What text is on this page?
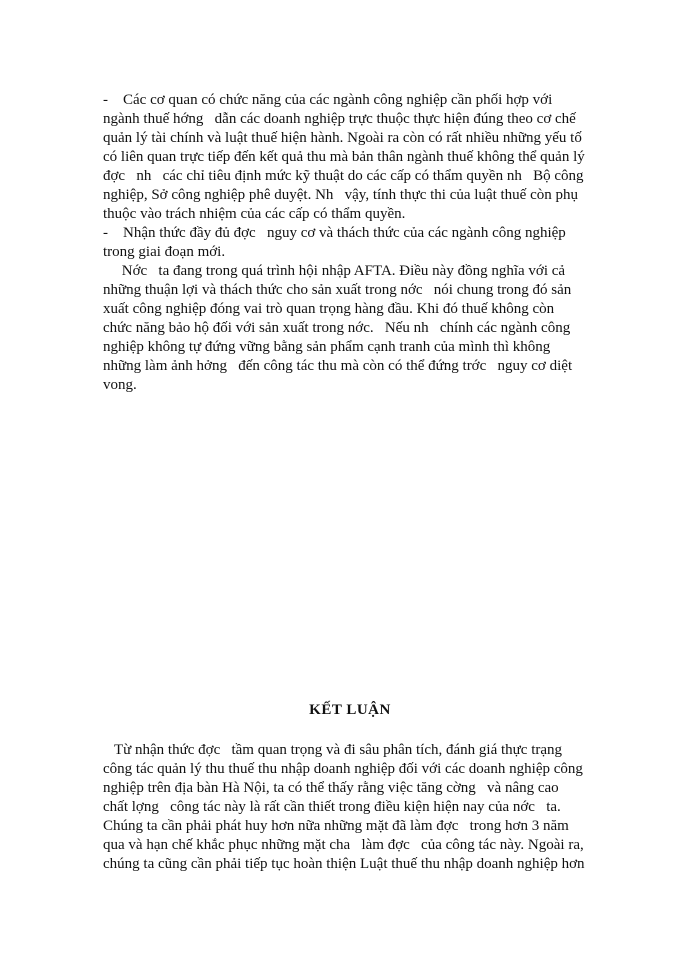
-    Các cơ quan có chức năng của các ngành công nghiệp cần phối hợp với
ngành thuế hớng   dẫn các doanh nghiệp trực thuộc thực hiện đúng theo cơ chế
quản lý tài chính và luật thuế hiện hành. Ngoài ra còn có rất nhiều những yếu tố
có liên quan trực tiếp đến kết quả thu mà bản thân ngành thuế không thể quản lý
đợc   nh   các chỉ tiêu định mức kỹ thuật do các cấp có thẩm quyền nh   Bộ công
nghiệp, Sở công nghiệp phê duyệt. Nh   vậy, tính thực thi của luật thuế còn phụ
thuộc vào trách nhiệm của các cấp có thẩm quyền.
-    Nhận thức đầy đủ đợc   nguy cơ và thách thức của các ngành công nghiệp
trong giai đoạn mới.
Nớc   ta đang trong quá trình hội nhập AFTA. Điều này đồng nghĩa với cả
những thuận lợi và thách thức cho sản xuất trong nớc   nói chung trong đó sản
xuất công nghiệp đóng vai trò quan trọng hàng đầu. Khi đó thuế không còn
chức năng bảo hộ đối với sản xuất trong nớc.   Nếu nh   chính các ngành công
nghiệp không tự đứng vững bằng sản phẩm cạnh tranh của mình thì không
những làm ảnh hởng   đến công tác thu mà còn có thể đứng trớc   nguy cơ diệt
vong.
KẾT LUẬN
Từ nhận thức đợc   tầm quan trọng và đi sâu phân tích, đánh giá thực trạng
công tác quản lý thu thuế thu nhập doanh nghiệp đối với các doanh nghiệp công
nghiệp trên địa bàn Hà Nội, ta có thể thấy rằng việc tăng cờng   và nâng cao
chất lợng   công tác này là rất cần thiết trong điều kiện hiện nay của nớc   ta.
Chúng ta cần phải phát huy hơn nữa những mặt đã làm đợc   trong hơn 3 năm
qua và hạn chế khắc phục những mặt cha   làm đợc   của công tác này. Ngoài ra,
chúng ta cũng cần phải tiếp tục hoàn thiện Luật thuế thu nhập doanh nghiệp hơn
